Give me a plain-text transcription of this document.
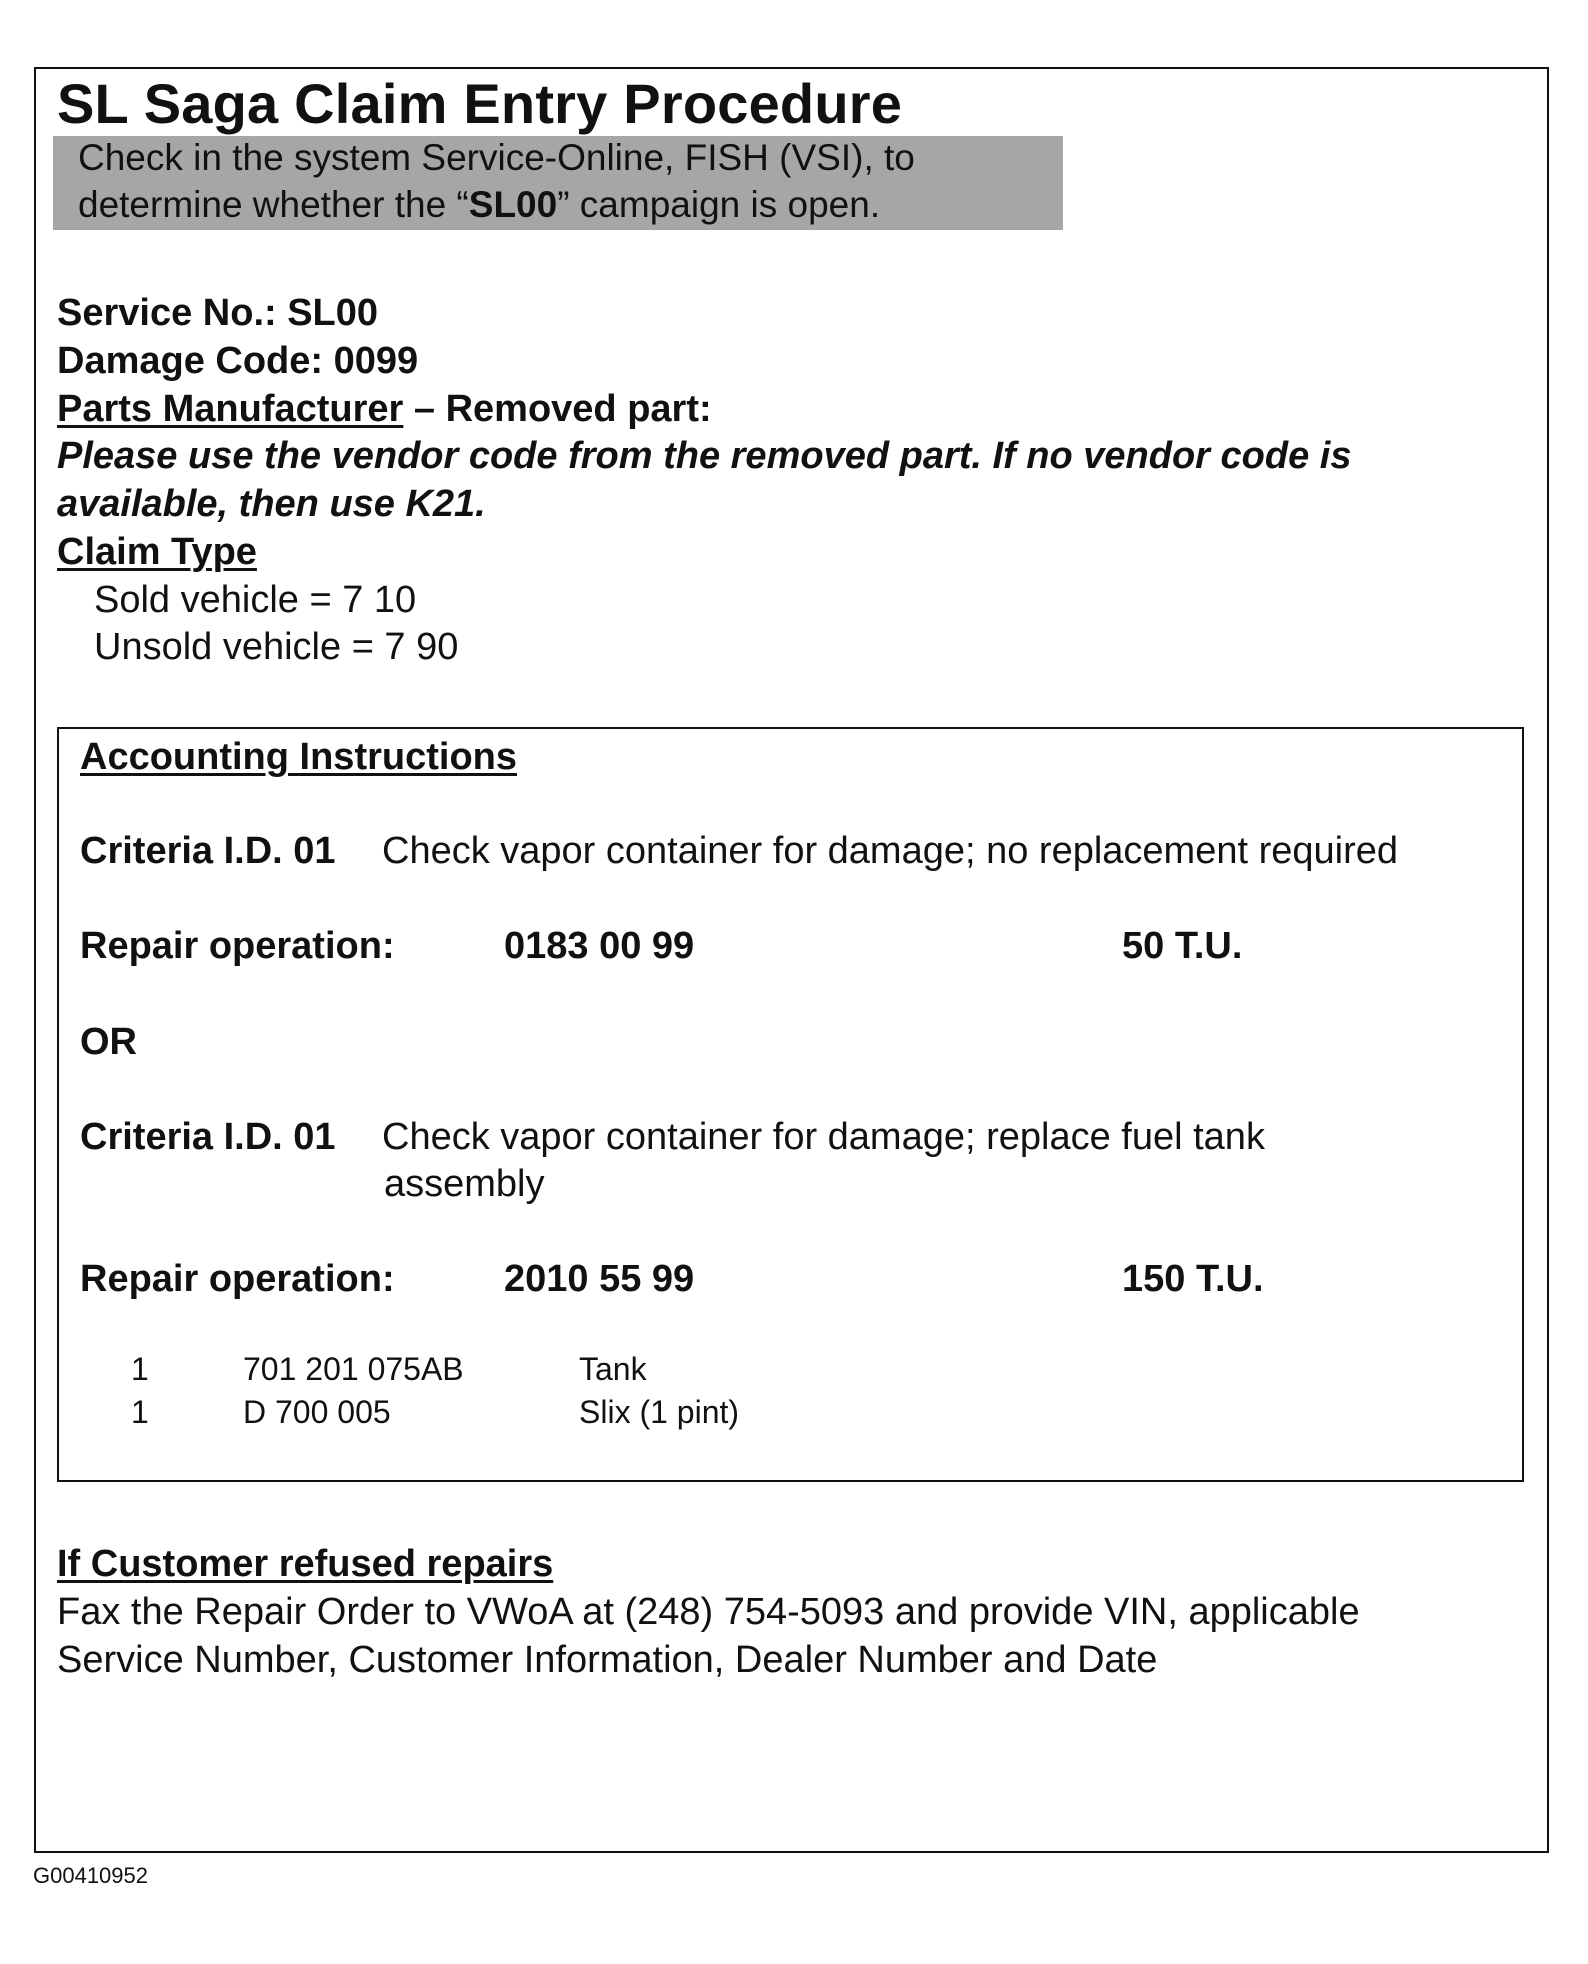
SL Saga Claim Entry Procedure
Check in the system Service-Online, FISH (VSI), to
determine whether the “SL00” campaign is open.
Service No.: SL00
Damage Code: 0099
Parts Manufacturer – Removed part:
Please use the vendor code from the removed part. If no vendor code is
available, then use K21.
Claim Type
Sold vehicle = 7 10
Unsold vehicle = 7 90
Accounting Instructions
Criteria I.D. 01 Check vapor container for damage; no replacement required
Repair operation:	0183 00 99	50 T.U.
OR
Criteria I.D. 01 Check vapor container for damage; replace fuel tank
assembly
Repair operation:	2010 55 99	150 T.U.
1	701 201 075AB	Tank
1	D 700 005	Slix (1 pint)
If Customer refused repairs
Fax the Repair Order to VWoA at (248) 754-5093 and provide VIN, applicable
Service Number, Customer Information, Dealer Number and Date
G00410952
